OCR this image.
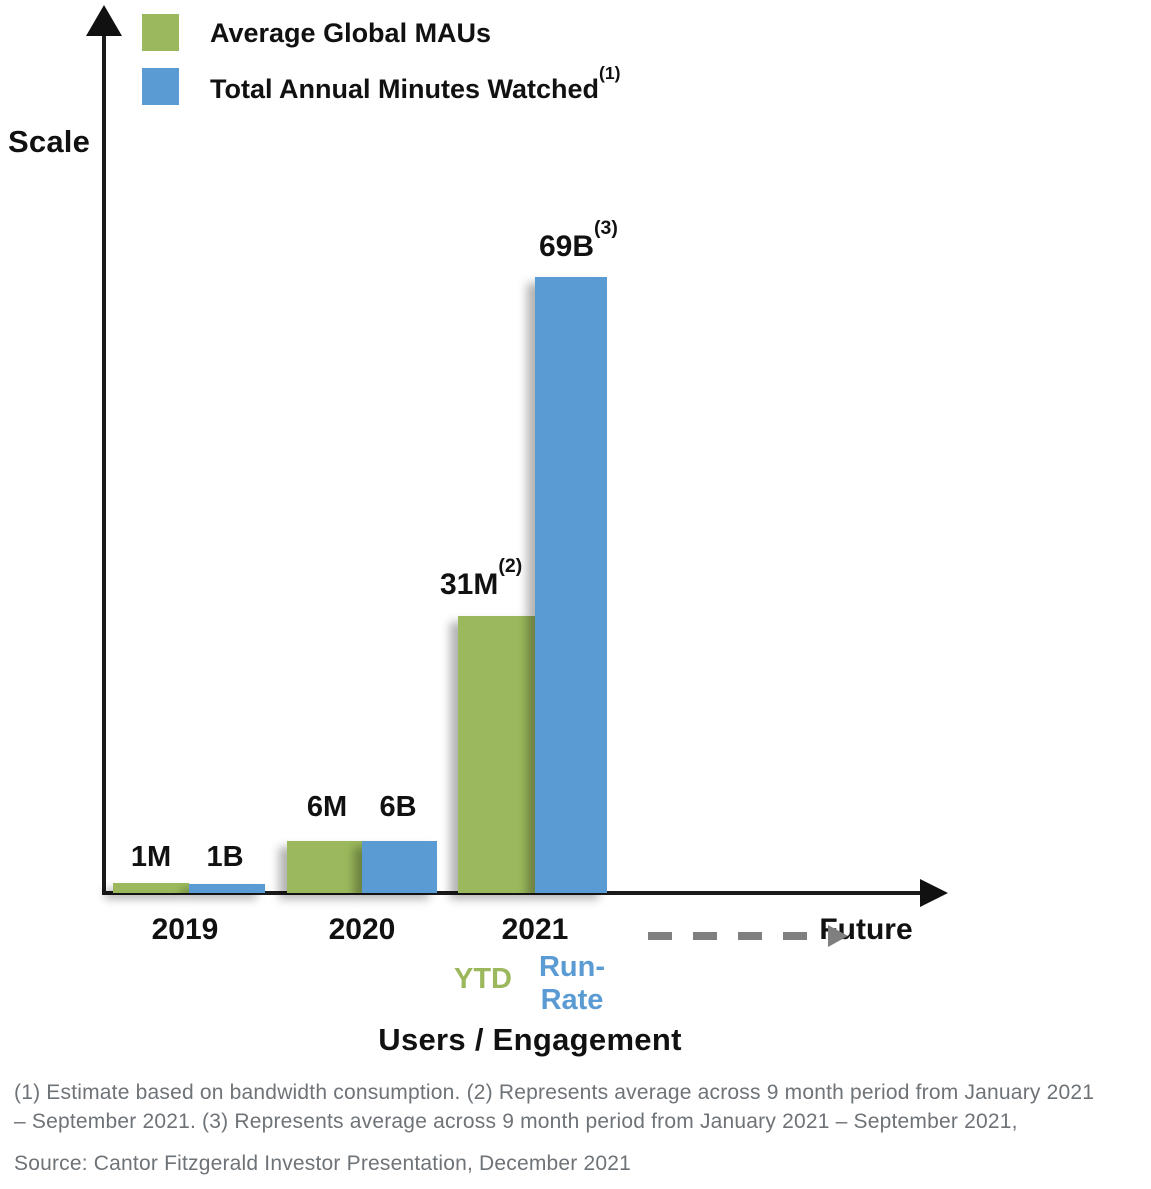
Average Global MAUs
Total Annual Minutes Watched$^{(1)}$
Scale
1M	1B
6M	6B
$31M^{(2)}$
$69B^{(3)}$
2019	2020	2021	Future
YTD Run-Rate
Users / Engagement
(1) Estimate based on bandwidth consumption. (2) Represents average across 9 month period from January 2021
– September 2021. (3) Represents average across 9 month period from January 2021 – September 2021,
Source: Cantor Fitzgerald Investor Presentation, December 2021
